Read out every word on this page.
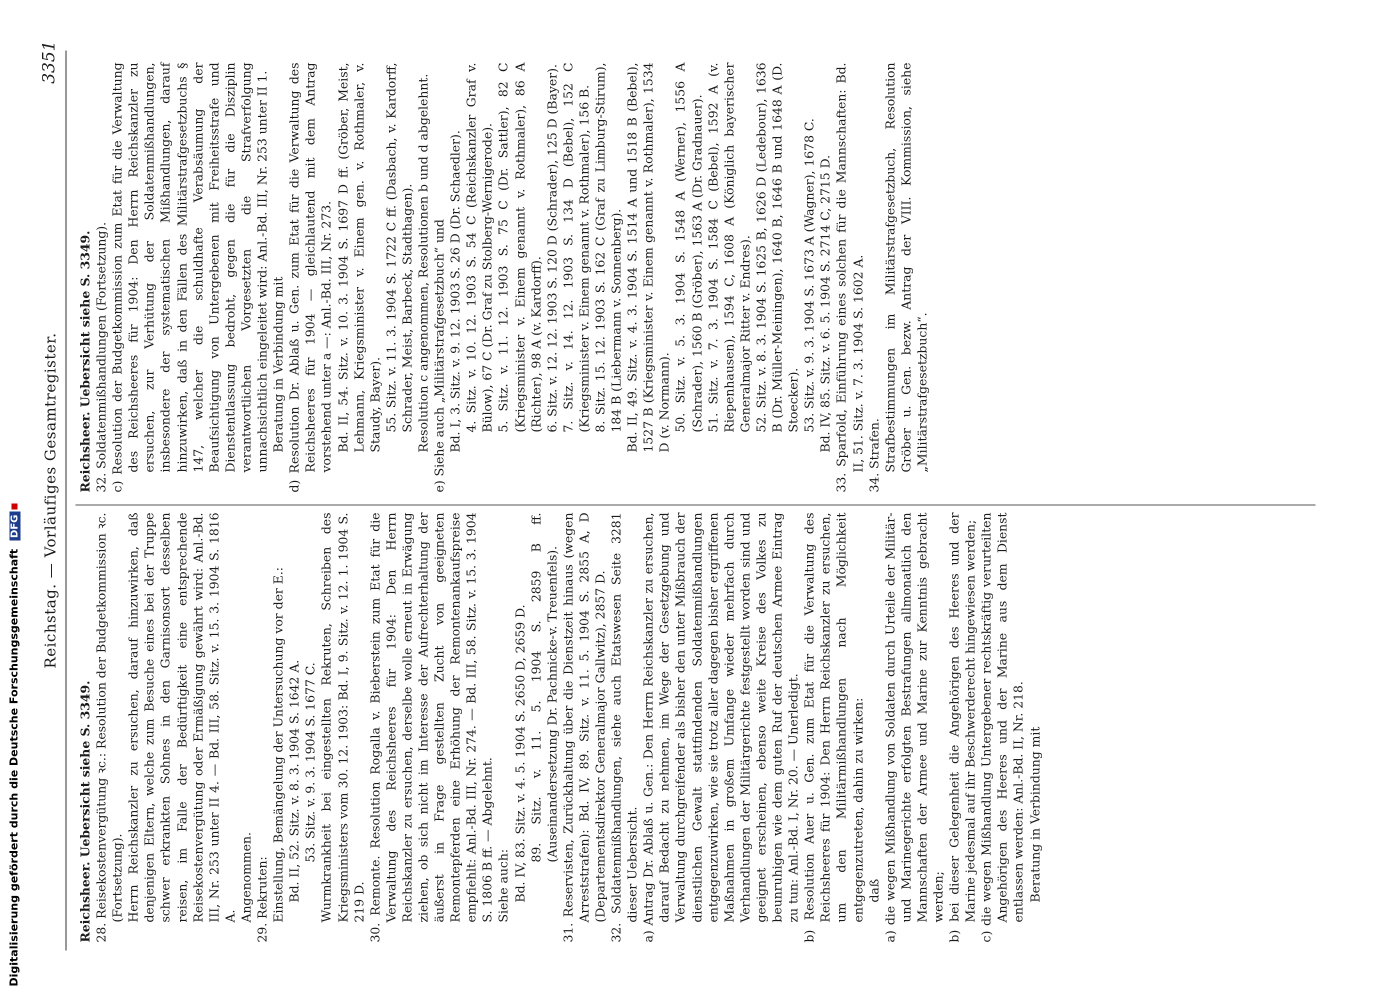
Digitalisierung gefördert durch die Deutsche Forschungsgemeinschaft DFG Reichstag. — Vorläufiges Gesamtregister.
3351

Reichsheer. Uebersicht siehe S. 3349. 28. Reisekostenvergütung ꝛc.: Resolution der Budgetkommission ꝛc. (Fortsetzung). Herrn Reichskanzler zu ersuchen, darauf hinzuwirken, daß denjenigen Eltern, welche zum Besuche eines bei der Truppe schwer erkrankten Sohnes in den Garnisonsort desselben reisen, im Falle der Bedürftigkeit eine entsprechende Reisekostenvergütung oder Ermäßigung gewährt wird: Anl.-Bd. III, Nr. 253 unter II 4. — Bd. III, 58. Sitz. v. 15. 3. 1904 S. 1816 A. Angenommen. 29. Rekruten: Einstellung, Bemängelung der Untersuchung vor der E.: Bd. II, 52. Sitz. v. 8. 3. 1904 S. 1642 A. 53. Sitz. v. 9. 3. 1904 S. 1677 C. Wurmkrankheit bei eingestellten Rekruten, Schreiben des Kriegsministers vom 30. 12. 1903: Bd. I, 9. Sitz. v. 12. 1. 1904 S. 219 D. 30. Remonte. Resolution Rogalla v. Bieberstein zum Etat für die Verwaltung des Reichsheeres für 1904: Den Herrn Reichskanzler zu ersuchen, derselbe wolle erneut in Erwägung ziehen, ob sich nicht im Interesse der Aufrechterhaltung der äußerst in Frage gestellten Zucht von geeigneten Remontepferden eine Erhöhung der Remontenankaufspreise empfiehlt: Anl.-Bd. III, Nr. 274. — Bd. III, 58. Sitz. v. 15. 3. 1904 S. 1806 B ff. — Abgelehnt. Siehe auch: Bd. IV, 83. Sitz. v. 4. 5. 1904 S. 2650 D, 2659 D. 89. Sitz. v. 11. 5. 1904 S. 2859 B ff. (Auseinandersetzung Dr. Pachnicke-v. Treuenfels). 31. Reservisten, Zurückhaltung über die Dienstzeit hinaus (wegen Arreststrafen): Bd. IV, 89. Sitz. v. 11. 5. 1904 S. 2855 A, D (Departementsdirektor Generalmajor Gallwitz), 2857 D. 32. Soldatenmißhandlungen, siehe auch Etatswesen Seite 3281 dieser Uebersicht. a) Antrag Dr. Ablaß u. Gen.: Den Herrn Reichskanzler zu ersuchen, darauf Bedacht zu nehmen, im Wege der Gesetzgebung und Verwaltung durchgreifender als bisher den unter Mißbrauch der dienstlichen Gewalt stattfindenden Soldatenmißhandlungen entgegenzuwirken, wie sie trotz aller dagegen bisher ergriffenen Maßnahmen in großem Umfange wieder mehrfach durch Verhandlungen der Militärgerichte festgestellt worden sind und geeignet erscheinen, ebenso weite Kreise des Volkes zu beunruhigen wie dem guten Ruf der deutschen Armee Eintrag zu tun: Anl.-Bd. I, Nr. 20. — Unerledigt. b) Resolution Auer u. Gen. zum Etat für die Verwaltung des Reichsheeres für 1904: Den Herrn Reichskanzler zu ersuchen, um den Militärmißhandlungen nach Möglichkeit entgegenzutreten, dahin zu wirken: daß a) die wegen Mißhandlung von Soldaten durch Urteile der Militär- und Marinegerichte erfolgten Bestrafungen allmonatlich den Mannschaften der Armee und Marine zur Kenntnis gebracht werden; b) bei dieser Gelegenheit die Angehörigen des Heeres und der Marine jedesmal auf ihr Beschwerderecht hingewiesen werden; c) die wegen Mißhandlung Untergebener rechtskräftig verurteilten Angehörigen des Heeres und der Marine aus dem Dienst entlassen werden: Anl.-Bd. II, Nr. 218. Beratung in Verbindung mit

Reichsheer. Uebersicht siehe S. 3349. 32. Soldatenmißhandlungen (Fortsetzung). c) Resolution der Budgetkommission zum Etat für die Verwaltung des Reichsheeres für 1904: Den Herrn Reichskanzler zu ersuchen, zur Verhütung der Soldatenmißhandlungen, insbesondere der systematischen Mißhandlungen, darauf hinzuwirken, daß in den Fällen des Militärstrafgesetzbuchs § 147, welcher die schuldhafte Verabsäumung der Beaufsichtigung von Untergebenen mit Freiheitsstrafe und Dienstentlassung bedroht, gegen die für die Disziplin verantwortlichen Vorgesetzten die Strafverfolgung unnachsichtlich eingeleitet wird: Anl.-Bd. III, Nr. 253 unter II 1. Beratung in Verbindung mit d) Resolution Dr. Ablaß u. Gen. zum Etat für die Verwaltung des Reichsheeres für 1904 — gleichlautend mit dem Antrag vorstehend unter a —: Anl.-Bd. III, Nr. 273. Bd. II, 54. Sitz. v. 10. 3. 1904 S. 1697 D ff. (Gröber, Meist, Lehmann, Kriegsminister v. Einem gen. v. Rothmaler, v. Staudy, Bayer). 55. Sitz. v. 11. 3. 1904 S. 1722 C ff. (Dasbach, v. Kardorff, Schrader, Meist, Barbeck, Stadthagen). Resolution c angenommen, Resolutionen b und d abgelehnt. e) Siehe auch „Militärstrafgesetzbuch“ und Bd. I, 3. Sitz. v. 9. 12. 1903 S. 26 D (Dr. Schaedler). 4. Sitz. v. 10. 12. 1903 S. 54 C (Reichskanzler Graf v. Bülow), 67 C (Dr. Graf zu Stolberg-Wernigerode). 5. Sitz. v. 11. 12. 1903 S. 75 C (Dr. Sattler), 82 C (Kriegsminister v. Einem genannt v. Rothmaler), 86 A (Richter), 98 A (v. Kardorff). 6. Sitz. v. 12. 12. 1903 S. 120 D (Schrader), 125 D (Bayer). 7. Sitz. v. 14. 12. 1903 S. 134 D (Bebel), 152 C (Kriegsminister v. Einem genannt v. Rothmaler), 156 B. 8. Sitz. 15. 12. 1903 S. 162 C (Graf zu Limburg-Stirum), 184 B (Liebermann v. Sonnenberg). Bd. II, 49. Sitz. v. 4. 3. 1904 S. 1514 A und 1518 B (Bebel), 1527 B (Kriegsminister v. Einem genannt v. Rothmaler), 1534 D (v. Normann). 50. Sitz. v. 5. 3. 1904 S. 1548 A (Werner), 1556 A (Schrader), 1560 B (Gröber), 1563 A (Dr. Gradnauer). 51. Sitz. v. 7. 3. 1904 S. 1584 C (Bebel), 1592 A (v. Riepenhausen), 1594 C, 1608 A (Königlich bayerischer Generalmajor Ritter v. Endres). 52. Sitz. v. 8. 3. 1904 S. 1625 B, 1626 D (Ledebour), 1636 B (Dr. Müller-Meiningen), 1640 B, 1646 B und 1648 A (D. Stoecker). 53. Sitz. v. 9. 3. 1904 S. 1673 A (Wagner), 1678 C. Bd. IV, 85. Sitz. v. 6. 5. 1904 S. 2714 C, 2715 D. 33. Sparfold, Einführung eines solchen für die Mannschaften: Bd. II, 51. Sitz. v. 7. 3. 1904 S. 1602 A. 34. Strafen. Strafbestimmungen im Militärstrafgesetzbuch, Resolution Gröber u. Gen. bezw. Antrag der VIII. Kommission, siehe „Militärstrafgesetzbuch“.
